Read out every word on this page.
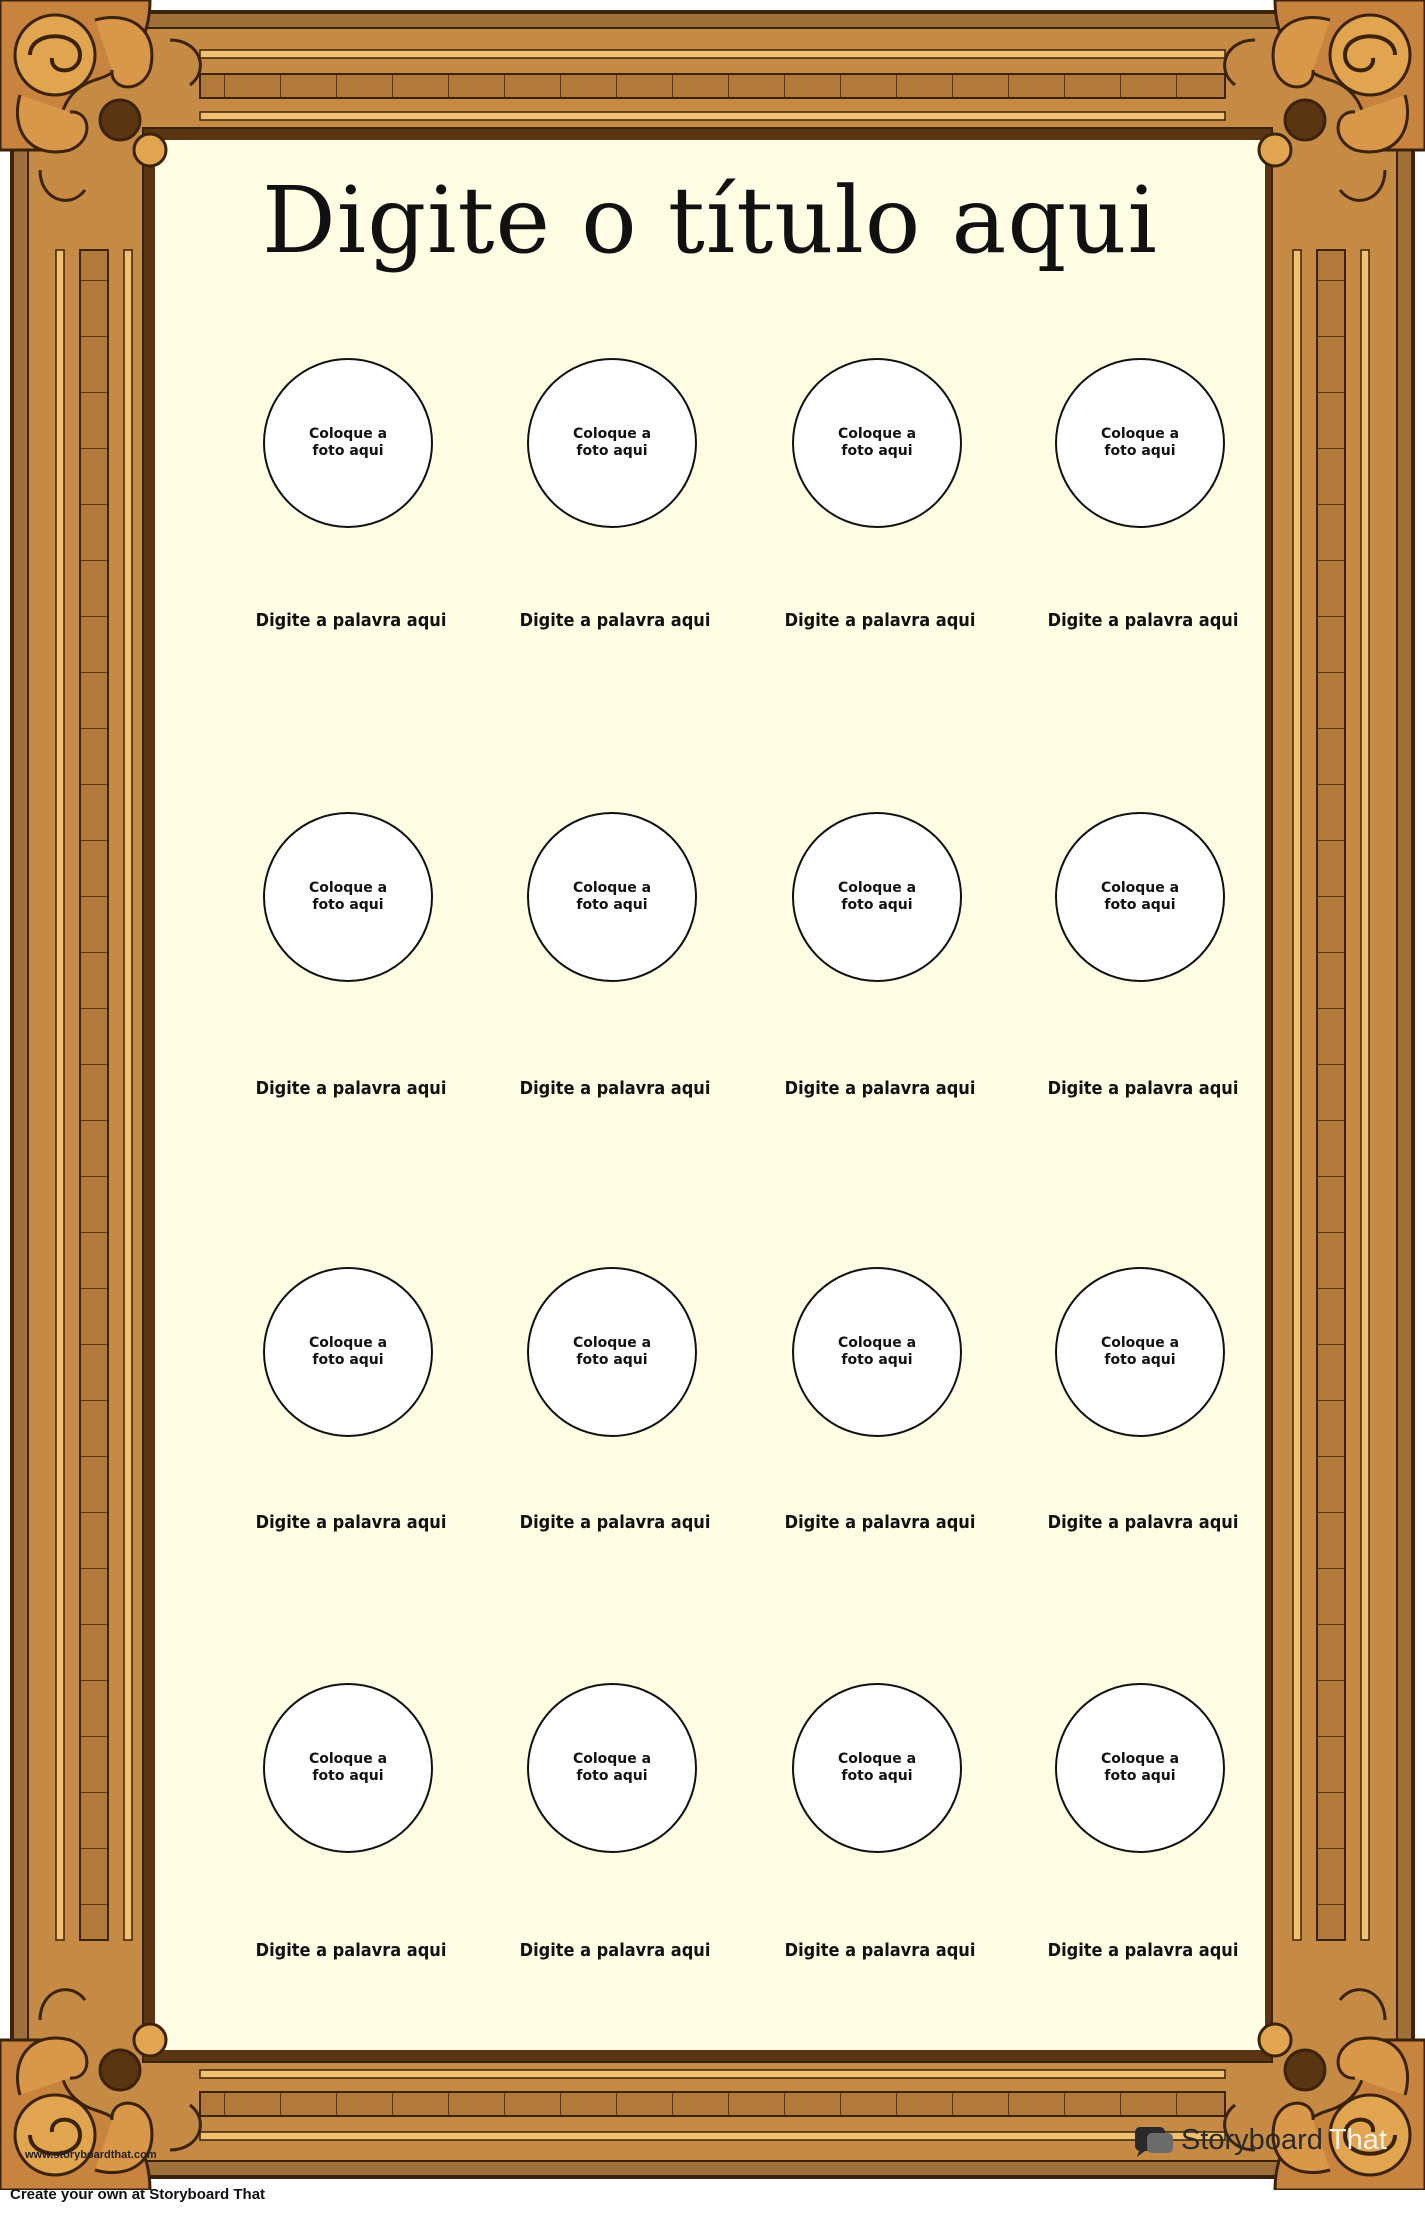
Digite o título aqui
Coloque a foto aqui
Digite a palavra aqui
Coloque a foto aqui
Digite a palavra aqui
Coloque a foto aqui
Digite a palavra aqui
Coloque a foto aqui
Digite a palavra aqui
Coloque a foto aqui
Digite a palavra aqui
Coloque a foto aqui
Digite a palavra aqui
Coloque a foto aqui
Digite a palavra aqui
Coloque a foto aqui
Digite a palavra aqui
Coloque a foto aqui
Digite a palavra aqui
Coloque a foto aqui
Digite a palavra aqui
Coloque a foto aqui
Digite a palavra aqui
Coloque a foto aqui
Digite a palavra aqui
Coloque a foto aqui
Digite a palavra aqui
Coloque a foto aqui
Digite a palavra aqui
Coloque a foto aqui
Digite a palavra aqui
Coloque a foto aqui
Digite a palavra aqui
www.storyboardthat.com	Storyboard That
Create your own at Storyboard That
